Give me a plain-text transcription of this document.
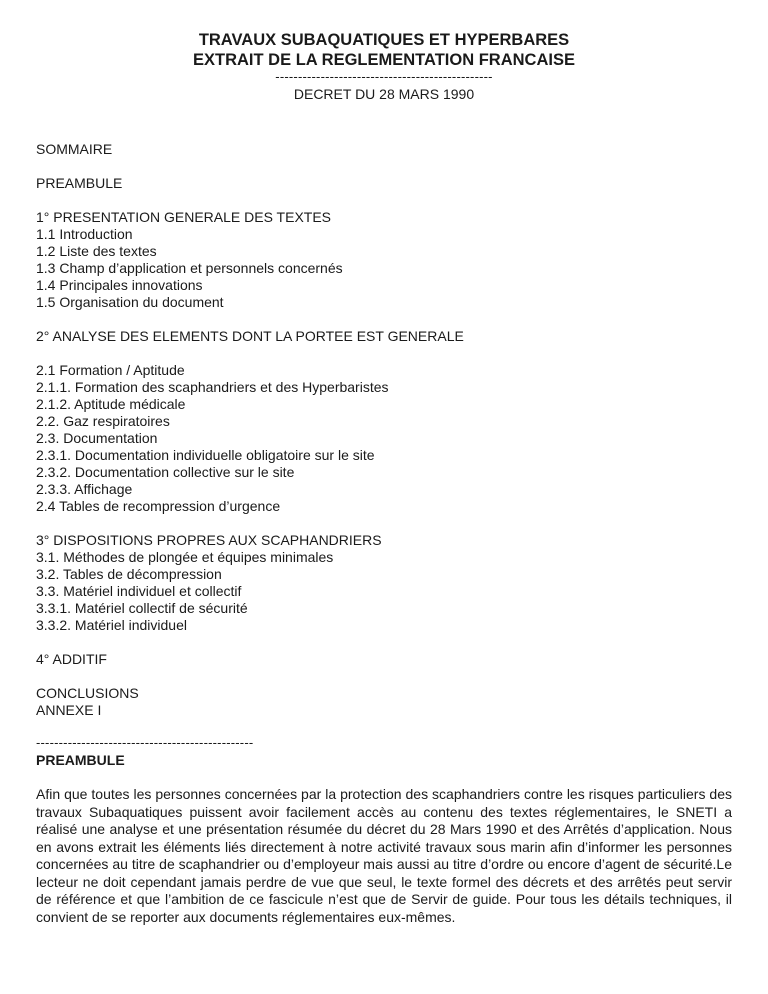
TRAVAUX SUBAQUATIQUES ET HYPERBARES
EXTRAIT DE LA REGLEMENTATION FRANCAISE
------------------------------------------------
DECRET DU 28 MARS 1990
SOMMAIRE
PREAMBULE
1° PRESENTATION GENERALE DES TEXTES
1.1 Introduction
1.2 Liste des textes
1.3 Champ d’application et personnels concernés
1.4 Principales innovations
1.5 Organisation du document
2° ANALYSE DES ELEMENTS DONT LA PORTEE EST GENERALE
2.1 Formation / Aptitude
2.1.1. Formation des scaphandriers et des Hyperbaristes
2.1.2. Aptitude médicale
2.2. Gaz respiratoires
2.3. Documentation
2.3.1. Documentation individuelle obligatoire sur le site
2.3.2. Documentation collective sur le site
2.3.3. Affichage
2.4 Tables de recompression d’urgence
3° DISPOSITIONS PROPRES AUX SCAPHANDRIERS
3.1. Méthodes de plongée et équipes minimales
3.2. Tables de décompression
3.3. Matériel individuel et collectif
3.3.1. Matériel collectif de sécurité
3.3.2. Matériel individuel
4° ADDITIF
CONCLUSIONS
ANNEXE I
------------------------------------------------
PREAMBULE
Afin que toutes les personnes concernées par la protection des scaphandriers contre les risques particuliers des travaux Subaquatiques puissent avoir facilement accès au contenu des textes réglementaires, le SNETI a réalisé une analyse et une présentation résumée du décret du 28 Mars 1990 et des Arrêtés d’application. Nous en avons extrait les éléments liés directement à notre activité travaux sous marin afin d’informer les personnes concernées au titre de scaphandrier ou d’employeur mais aussi au titre d’ordre ou encore d’agent de sécurité.Le lecteur ne doit cependant jamais perdre de vue que seul, le texte formel des décrets et des arrêtés peut servir de référence et que l’ambition de ce fascicule n’est que de Servir de guide. Pour tous les détails techniques, il convient de se reporter aux documents réglementaires eux-mêmes.
